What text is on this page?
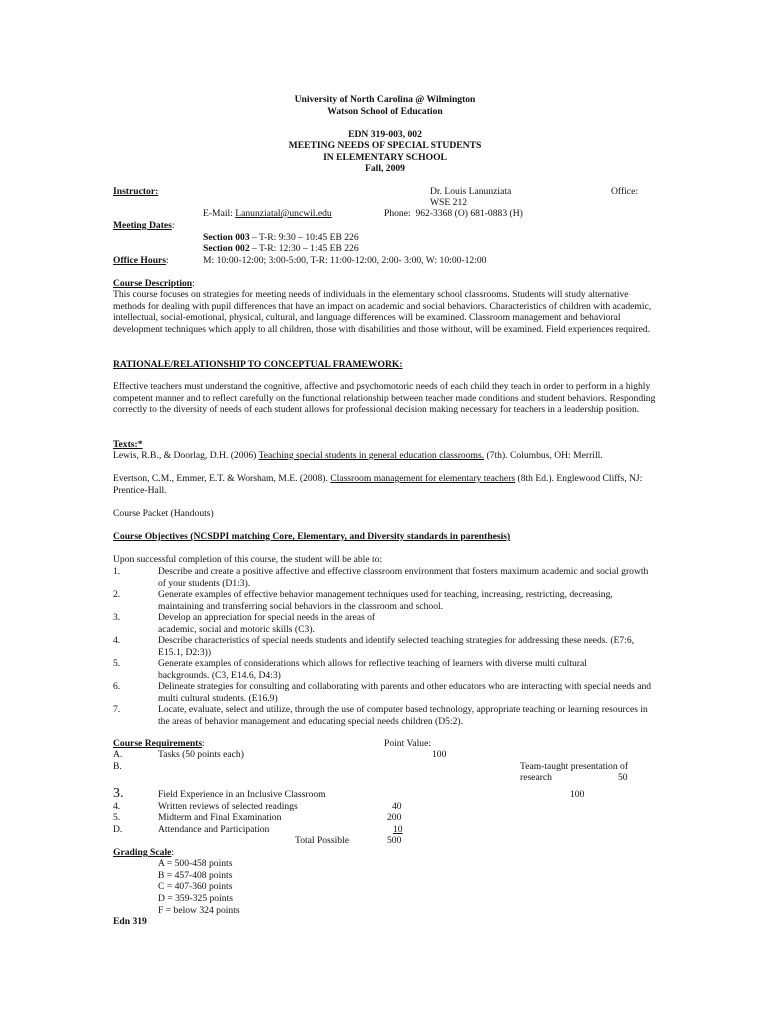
University of North Carolina @ Wilmington
Watson School of Education
EDN 319-003, 002
MEETING NEEDS OF SPECIAL STUDENTS
IN ELEMENTARY SCHOOL
Fall, 2009
Instructor:	Dr. Louis Lanunziata	Office:
WSE 212
E-Mail: Lanunziatal@uncwil.edu	Phone: 962-3368 (O) 681-0883 (H)
Meeting Dates:
Section 003 – T-R: 9:30 – 10:45 EB 226
Section 002 – T-R: 12:30 – 1:45 EB 226
Office Hours:	M: 10:00-12:00; 3:00-5:00, T-R: 11:00-12:00, 2:00- 3:00, W: 10:00-12:00
Course Description:
This course focuses on strategies for meeting needs of individuals in the elementary school classrooms. Students will study alternative methods for dealing with pupil differences that have an impact on academic and social behaviors. Characteristics of children with academic, intellectual, social-emotional, physical, cultural, and language differences will be examined. Classroom management and behavioral development techniques which apply to all children, those with disabilities and those without, will be examined. Field experiences required.
RATIONALE/RELATIONSHIP TO CONCEPTUAL FRAMEWORK:
Effective teachers must understand the cognitive, affective and psychomotoric needs of each child they teach in order to perform in a highly competent manner and to reflect carefully on the functional relationship between teacher made conditions and student behaviors. Responding correctly to the diversity of needs of each student allows for professional decision making necessary for teachers in a leadership position.
Texts:*
Lewis, R.B., & Doorlag, D.H. (2006) Teaching special students in general education classrooms. (7th). Columbus, OH: Merrill.
Evertson, C.M., Emmer, E.T. & Worsham, M.E. (2008). Classroom management for elementary teachers (8th Ed.). Englewood Cliffs, NJ: Prentice-Hall.
Course Packet (Handouts)
Course Objectives (NCSDPI matching Core, Elementary, and Diversity standards in parenthesis)
Upon successful completion of this course, the student will be able to:
1.	Describe and create a positive affective and effective classroom environment that fosters maximum academic and social growth of your students (D1:3).
2.	Generate examples of effective behavior management techniques used for teaching, increasing, restricting, decreasing, maintaining and transferring social behaviors in the classroom and school.
3.	Develop an appreciation for special needs in the areas of academic, social and motoric skills (C3).
4.	Describe characteristics of special needs students and identify selected teaching strategies for addressing these needs. (E7:6, E15.1, D2:3))
5.	Generate examples of considerations which allows for reflective teaching of learners with diverse multi cultural backgrounds. (C3, E14.6, D4:3)
6.	Delineate strategies for consulting and collaborating with parents and other educators who are interacting with special needs and multi cultural students. (E16.9)
7.	Locate, evaluate, select and utilize, through the use of computer based technology, appropriate teaching or learning resources in the areas of behavior management and educating special needs children (D5:2).
Course Requirements:	Point Value:
A.	Tasks (50 points each)	100
B.	Team-taught presentation of
research	50
3.	Field Experience in an Inclusive Classroom	100
4.	Written reviews of selected readings	40
5.	Midterm and Final Examination	200
D.	Attendance and Participation	10
Total Possible	500
Grading Scale:
A = 500-458 points
B = 457-408 points
C = 407-360 points
D = 359-325 points
F = below 324 points
Edn 319
